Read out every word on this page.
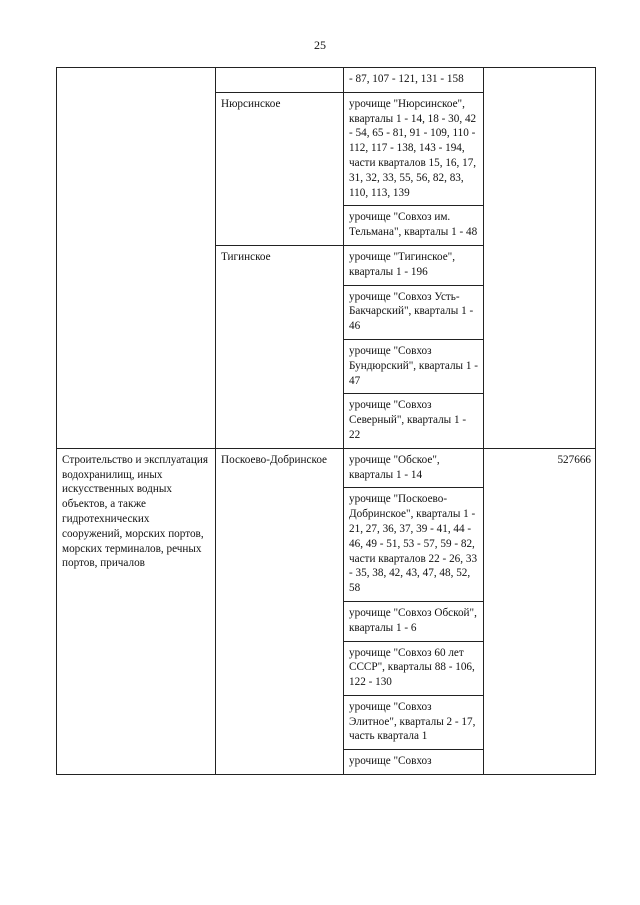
25
		- 87, 107 - 121, 131 - 158	
	Нюрсинское	урочище "Нюрсинское", кварталы 1 - 14, 18 - 30, 42 - 54, 65 - 81, 91 - 109, 110 - 112, 117 - 138, 143 - 194, части кварталов 15, 16, 17, 31, 32, 33, 55, 56, 82, 83, 110, 113, 139	
		урочище "Совхоз им. Тельмана", кварталы 1 - 48	
	Тигинское	урочище "Тигинское", кварталы 1 - 196	
		урочище "Совхоз Усть-Бакчарский", кварталы 1 - 46	
		урочище "Совхоз Бундюрский", кварталы 1 - 47	
		урочище "Совхоз Северный", кварталы 1 - 22	
Строительство и эксплуатация водохранилищ, иных искусственных водных объектов, а также гидротехнических сооружений, морских портов, морских терминалов, речных портов, причалов	Поскоево-Добринское	урочище "Обское", кварталы 1 - 14	527666
		урочище "Поскоево-Добринское", кварталы 1 - 21, 27, 36, 37, 39 - 41, 44 - 46, 49 - 51, 53 - 57, 59 - 82, части кварталов 22 - 26, 33 - 35, 38, 42, 43, 47, 48, 52, 58	
		урочище "Совхоз Обской", кварталы 1 - 6	
		урочище "Совхоз 60 лет СССР", кварталы 88 - 106, 122 - 130	
		урочище "Совхоз Элитное", кварталы 2 - 17, часть квартала 1	
		урочище "Совхоз	
